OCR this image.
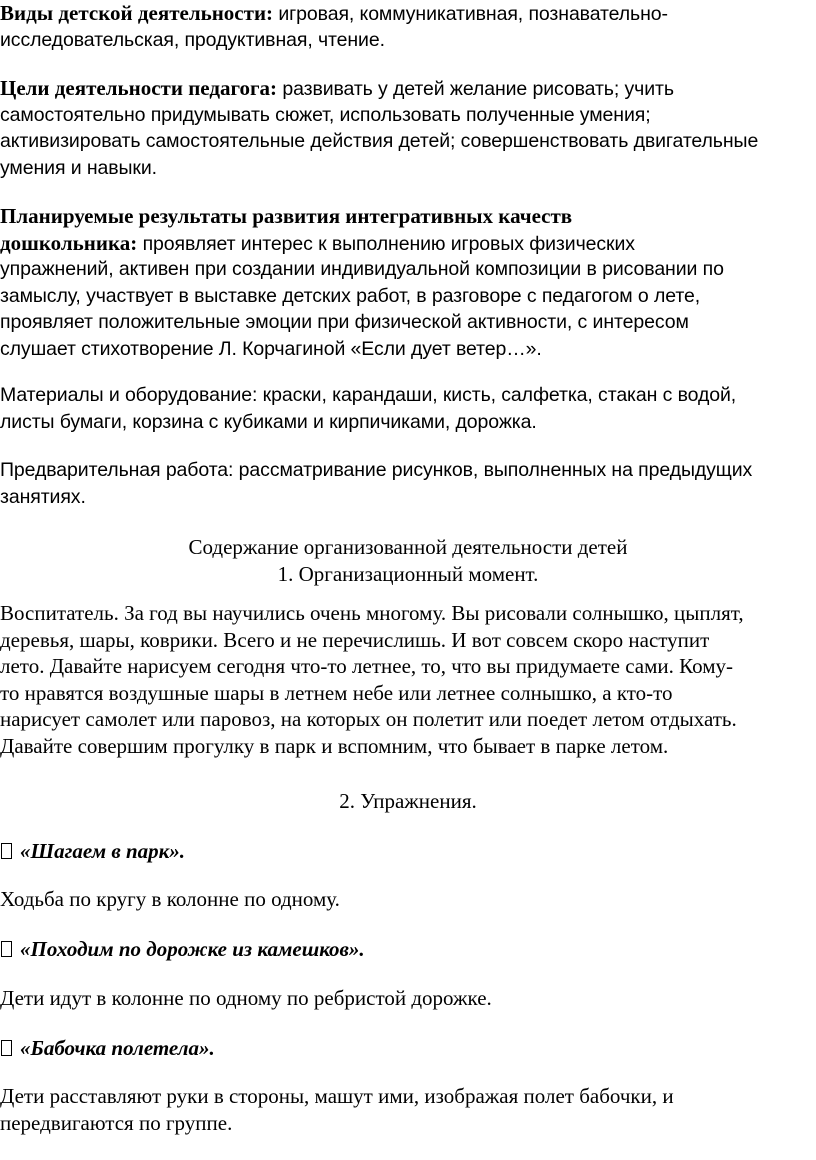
Виды детской деятельности: игровая, коммуникативная, познавательно-
исследовательская, продуктивная, чтение.
Цели деятельности педагога: развивать у детей желание рисовать; учить
самостоятельно придумывать сюжет, использовать полученные умения;
активизировать самостоятельные действия детей; совершенствовать двигательные
умения и навыки.
Планируемые результаты развития интегративных качеств
дошкольника: проявляет интерес к выполнению игровых физических
упражнений, активен при создании индивидуальной композиции в рисовании по
замыслу, участвует в выставке детских работ, в разговоре с педагогом о лете,
проявляет положительные эмоции при физической активности, с интересом
слушает стихотворение Л. Корчагиной «Если дует ветер…».
Материалы и оборудование: краски, карандаши, кисть, салфетка, стакан с водой,
листы бумаги, корзина с кубиками и кирпичиками, дорожка.
Предварительная работа: рассматривание рисунков, выполненных на предыдущих
занятиях.
Содержание организованной деятельности детей
1. Организационный момент.
Воспитатель. За год вы научились очень многому. Вы рисовали солнышко, цыплят,
деревья, шары, коврики. Всего и не перечислишь. И вот совсем скоро наступит
лето. Давайте нарисуем сегодня что-то летнее, то, что вы придумаете сами. Кому-
то нравятся воздушные шары в летнем небе или летнее солнышко, а кто-то
нарисует самолет или паровоз, на которых он полетит или поедет летом отдыхать.
Давайте совершим прогулку в парк и вспомним, что бывает в парке летом.
2. Упражнения.
«Шагаем в парк».
Ходьба по кругу в колонне по одному.
«Походим по дорожке из камешков».
Дети идут в колонне по одному по ребристой дорожке.
«Бабочка полетела».
Дети расставляют руки в стороны, машут ими, изображая полет бабочки, и
передвигаются по группе.
